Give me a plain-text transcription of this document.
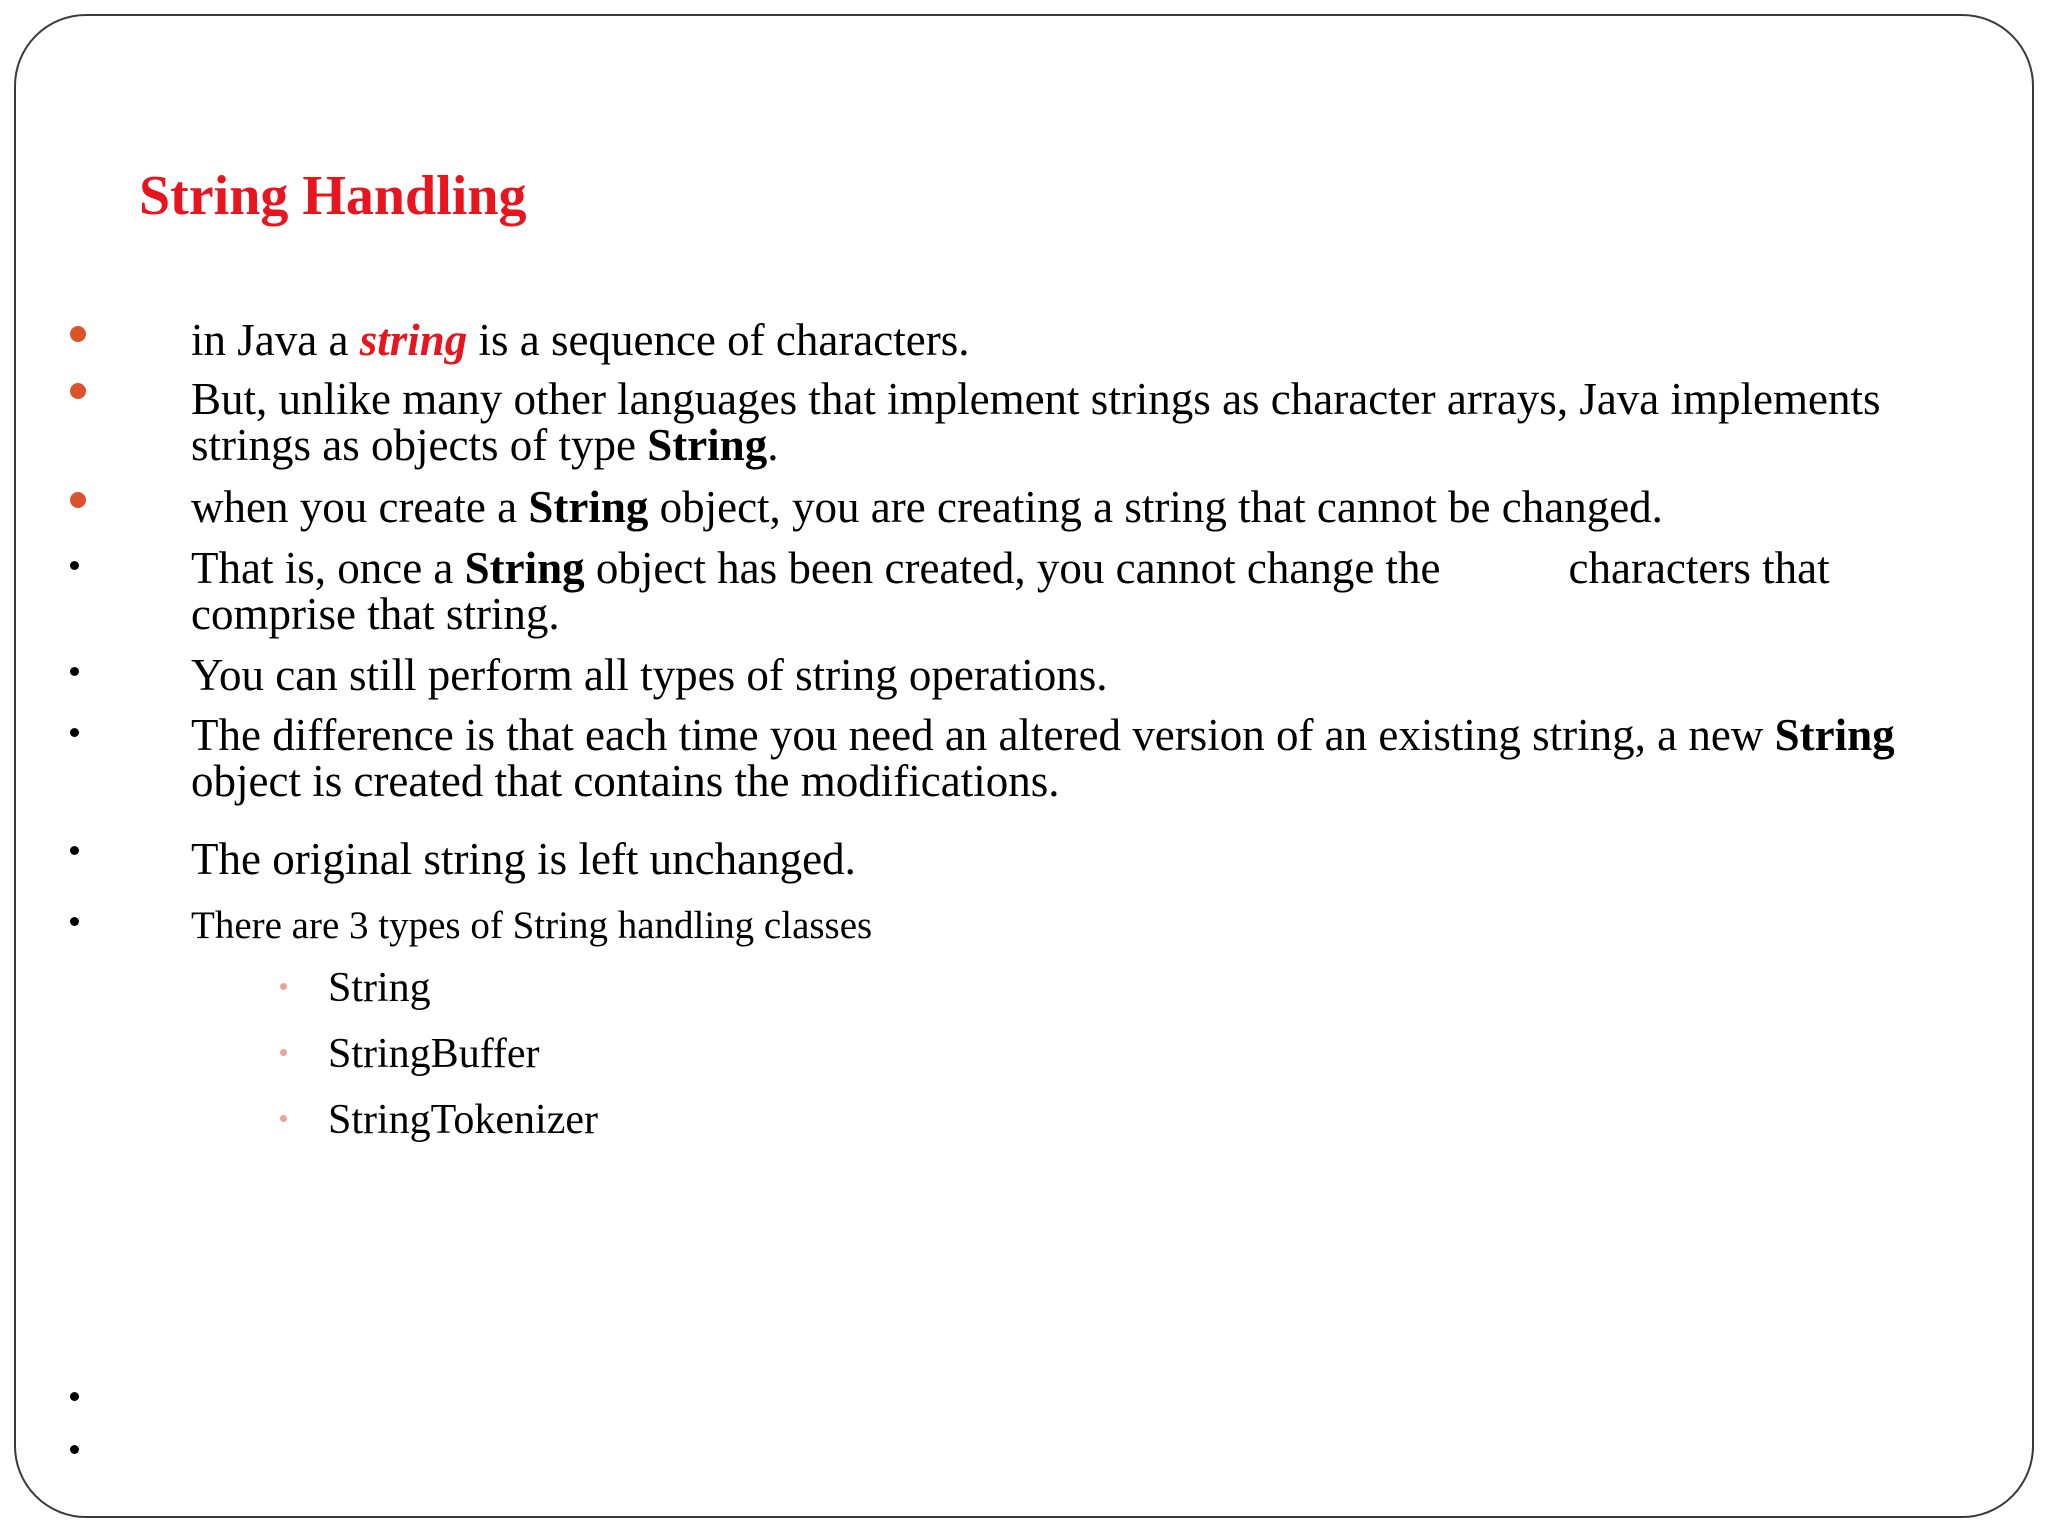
String Handling
in Java a string is a sequence of characters.
But, unlike many other languages that implement strings as character arrays, Java implements
strings as objects of type String.
when you create a String object, you are creating a string that cannot be changed.
That is, once a String object has been created, you cannot change the	characters that
comprise that string.
You can still perform all types of string operations.
The difference is that each time you need an altered version of an existing string, a new String
object is created that contains the modifications.
The original string is left unchanged.
There are 3 types of String handling classes
String
StringBuffer
StringTokenizer
